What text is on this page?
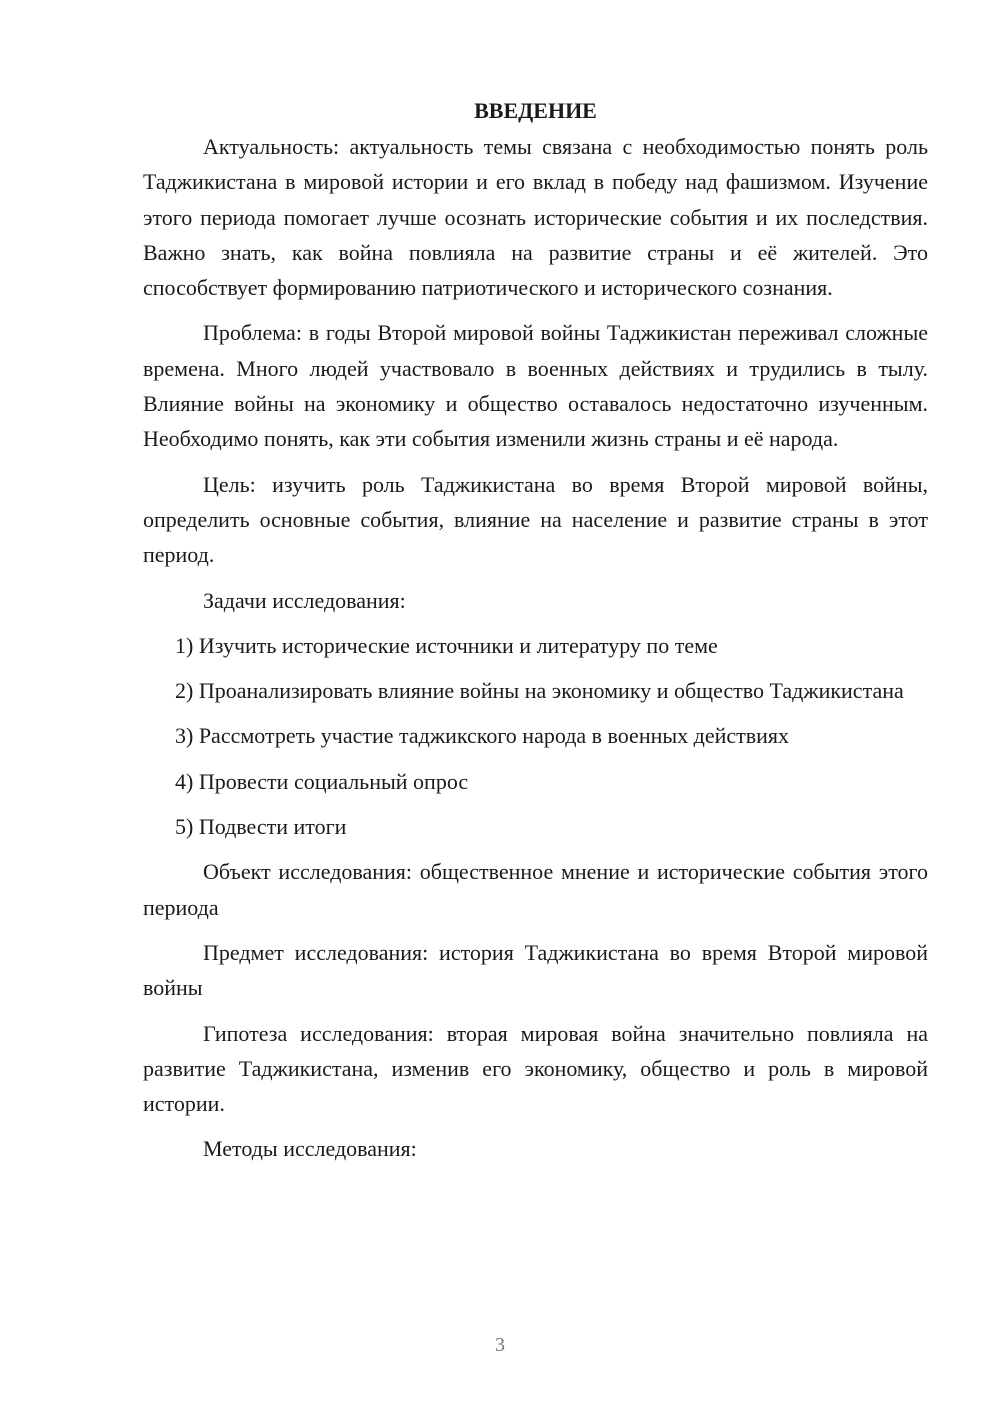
ВВЕДЕНИЕ

Актуальность: актуальность темы связана с необходимостью понять роль Таджикистана в мировой истории и его вклад в победу над фашизмом. Изучение этого периода помогает лучше осознать исторические события и их последствия. Важно знать, как война повлияла на развитие страны и её жителей. Это способствует формированию патриотического и исторического сознания.

Проблема: в годы Второй мировой войны Таджикистан переживал сложные времена. Много людей участвовало в военных действиях и трудились в тылу. Влияние войны на экономику и общество оставалось недостаточно изученным. Необходимо понять, как эти события изменили жизнь страны и её народа.

Цель: изучить роль Таджикистана во время Второй мировой войны, определить основные события, влияние на население и развитие страны в этот период.

Задачи исследования:

1) Изучить исторические источники и литературу по теме

2) Проанализировать влияние войны на экономику и общество Таджикистана

3) Рассмотреть участие таджикского народа в военных действиях

4) Провести социальный опрос

5) Подвести итоги

Объект исследования: общественное мнение и исторические события этого периода

Предмет исследования: история Таджикистана во время Второй мировой войны

Гипотеза исследования: вторая мировая война значительно повлияла на развитие Таджикистана, изменив его экономику, общество и роль в мировой истории.

Методы исследования:

3
